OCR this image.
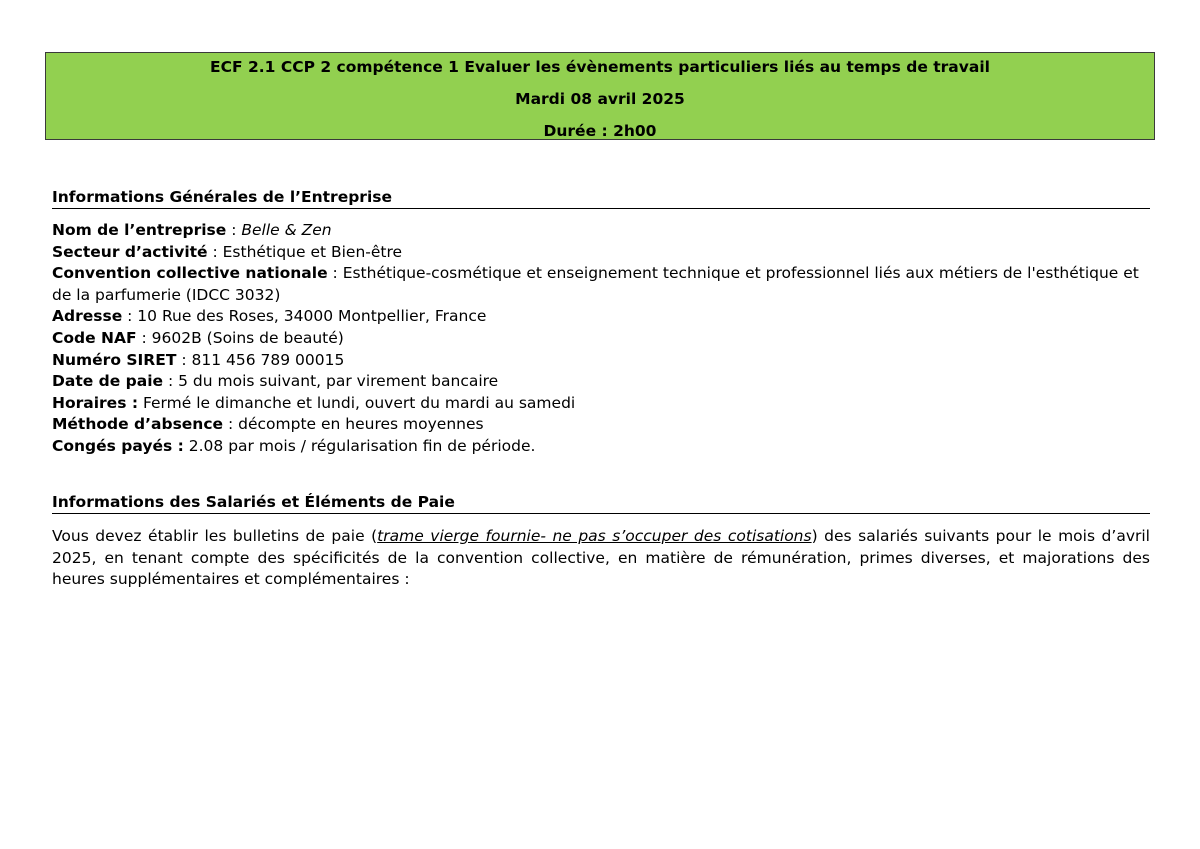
ECF 2.1 CCP 2 compétence 1 Evaluer les évènements particuliers liés au temps de travail
Mardi 08 avril 2025
Durée : 2h00
Informations Générales de l’Entreprise
Nom de l’entreprise : Belle & Zen
Secteur d’activité : Esthétique et Bien-être
Convention collective nationale : Esthétique-cosmétique et enseignement technique et professionnel liés aux métiers de l'esthétique et de la parfumerie (IDCC 3032)
Adresse : 10 Rue des Roses, 34000 Montpellier, France
Code NAF : 9602B (Soins de beauté)
Numéro SIRET : 811 456 789 00015
Date de paie : 5 du mois suivant, par virement bancaire
Horaires : Fermé le dimanche et lundi, ouvert du mardi au samedi
Méthode d’absence : décompte en heures moyennes
Congés payés : 2.08 par mois / régularisation fin de période.
Informations des Salariés et Éléments de Paie
Vous devez établir les bulletins de paie (trame vierge fournie- ne pas s’occuper des cotisations) des salariés suivants pour le mois d’avril 2025, en tenant compte des spécificités de la convention collective, en matière de rémunération, primes diverses, et majorations des heures supplémentaires et complémentaires :
